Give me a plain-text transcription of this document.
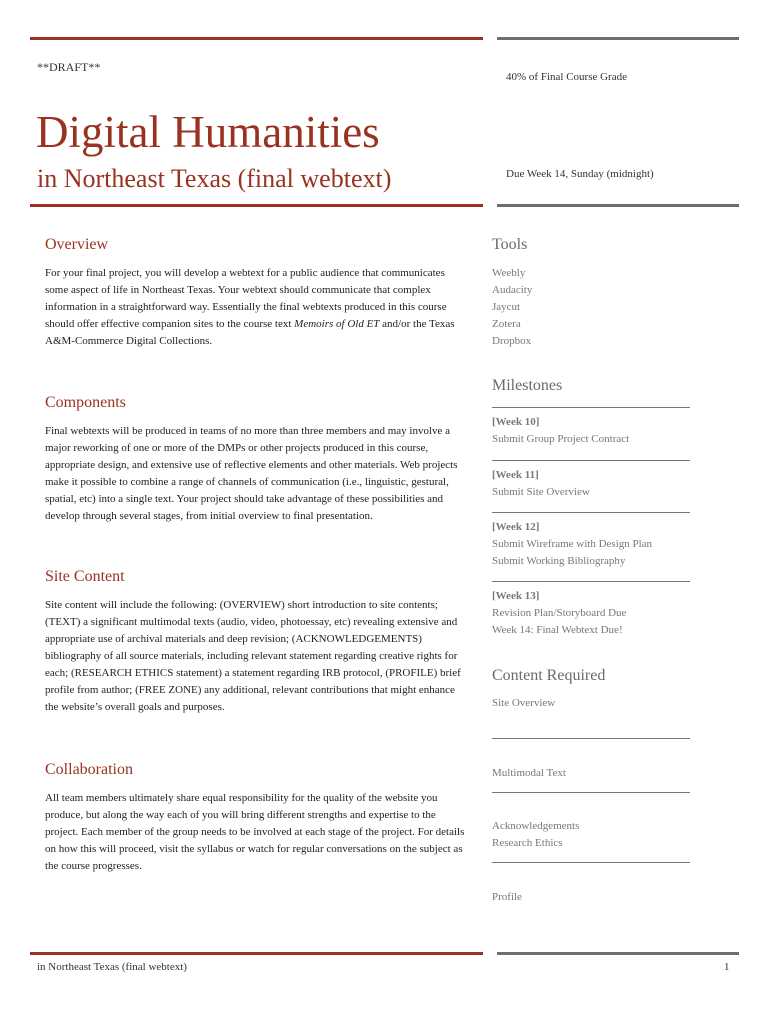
**DRAFT**
40% of Final Course Grade
Digital Humanities
in Northeast Texas (final webtext)	Due Week 14, Sunday (midnight)
Overview

For your final project, you will develop a webtext for a public audience that communicates some aspect of life in Northeast Texas. Your webtext should communicate that complex information in a straightforward way. Essentially the final webtexts produced in this course should offer effective companion sites to the course text Memoirs of Old ET and/or the Texas A&M-Commerce Digital Collections.

Components

Final webtexts will be produced in teams of no more than three members and may involve a major reworking of one or more of the DMPs or other projects produced in this course, appropriate design, and extensive use of reflective elements and other materials. Web projects make it possible to combine a range of channels of communication (i.e., linguistic, gestural, spatial, etc) into a single text. Your project should take advantage of these possibilities and develop through several stages, from initial overview to final presentation.

Site Content

Site content will include the following: (OVERVIEW) short introduction to site contents; (TEXT) a significant multimodal texts (audio, video, photoessay, etc) revealing extensive and appropriate use of archival materials and deep revision; (ACKNOWLEDGEMENTS) bibliography of all source materials, including relevant statement regarding creative rights for each; (RESEARCH ETHICS statement) a statement regarding IRB protocol, (PROFILE) brief profile from author; (FREE ZONE) any additional, relevant contributions that might enhance the website’s overall goals and purposes.

Collaboration

All team members ultimately share equal responsibility for the quality of the website you produce, but along the way each of you will bring different strengths and expertise to the project. Each member of the group needs to be involved at each stage of the project. For details on how this will proceed, visit the syllabus or watch for regular conversations on the subject as the course progresses.

Tools
Weebly
Audacity
Jaycut
Zotera
Dropbox
Milestones
[Week 10]
Submit Group Project Contract
[Week 11]
Submit Site Overview
[Week 12]
Submit Wireframe with Design Plan
Submit Working Bibliography
[Week 13]
Revision Plan/Storyboard Due
Week 14: Final Webtext Due!
Content Required
Site Overview
Multimodal Text
Acknowledgements
Research Ethics
Profile
in Northeast Texas (final webtext)	1
